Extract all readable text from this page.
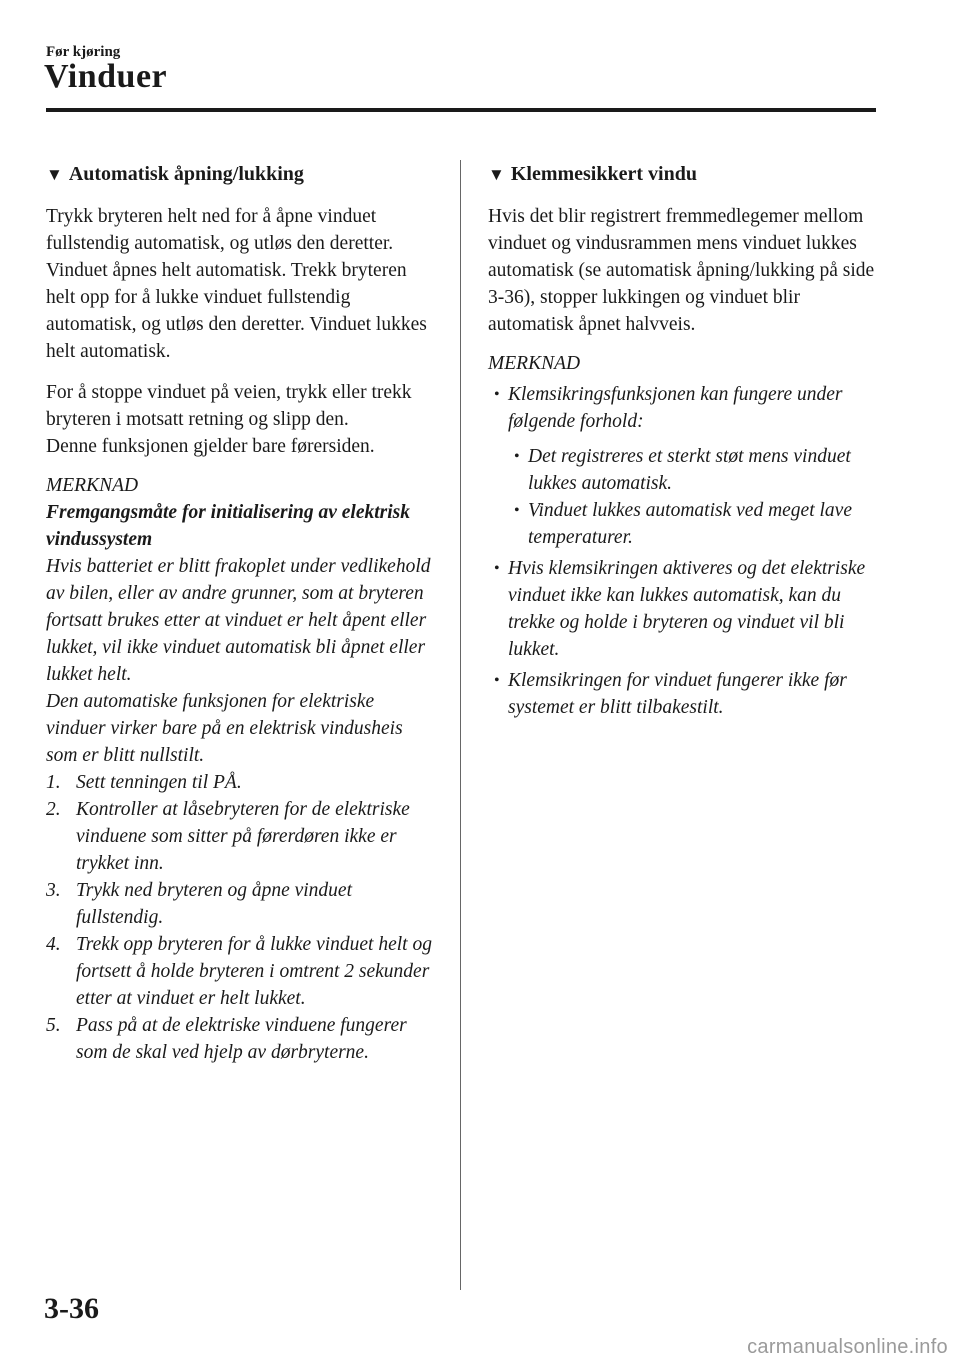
Før kjøring
Vinduer
▼ Automatisk åpning/lukking

Trykk bryteren helt ned for å åpne vinduet fullstendig automatisk, og utløs den deretter. Vinduet åpnes helt automatisk. Trekk bryteren helt opp for å lukke vinduet fullstendig automatisk, og utløs den deretter. Vinduet lukkes helt automatisk.

For å stoppe vinduet på veien, trykk eller trekk bryteren i motsatt retning og slipp den.

Denne funksjonen gjelder bare førersiden.

MERKNAD

Fremgangsmåte for initialisering av elektrisk vindussystem

Hvis batteriet er blitt frakoplet under vedlikehold av bilen, eller av andre grunner, som at bryteren fortsatt brukes etter at vinduet er helt åpent eller lukket, vil ikke vinduet automatisk bli åpnet eller lukket helt.

Den automatiske funksjonen for elektriske vinduer virker bare på en elektrisk vindusheis som er blitt nullstilt.

1. Sett tenningen til PÅ.
2. Kontroller at låsebryteren for de elektriske vinduene som sitter på førerdøren ikke er trykket inn.
3. Trykk ned bryteren og åpne vinduet fullstendig.
4. Trekk opp bryteren for å lukke vinduet helt og fortsett å holde bryteren i omtrent 2 sekunder etter at vinduet er helt lukket.
5. Pass på at de elektriske vinduene fungerer som de skal ved hjelp av dørbryterne.
▼ Klemmesikkert vindu

Hvis det blir registrert fremmedlegemer mellom vinduet og vindusrammen mens vinduet lukkes automatisk (se automatisk åpning/lukking på side 3-36), stopper lukkingen og vinduet blir automatisk åpnet halvveis.

MERKNAD

• Klemsikringsfunksjonen kan fungere under følgende forhold:
• Det registreres et sterkt støt mens vinduet lukkes automatisk.
• Vinduet lukkes automatisk ved meget lave temperaturer.
• Hvis klemsikringen aktiveres og det elektriske vinduet ikke kan lukkes automatisk, kan du trekke og holde i bryteren og vinduet vil bli lukket.
• Klemsikringen for vinduet fungerer ikke før systemet er blitt tilbakestilt.
3-36
carmanualsonline.info
